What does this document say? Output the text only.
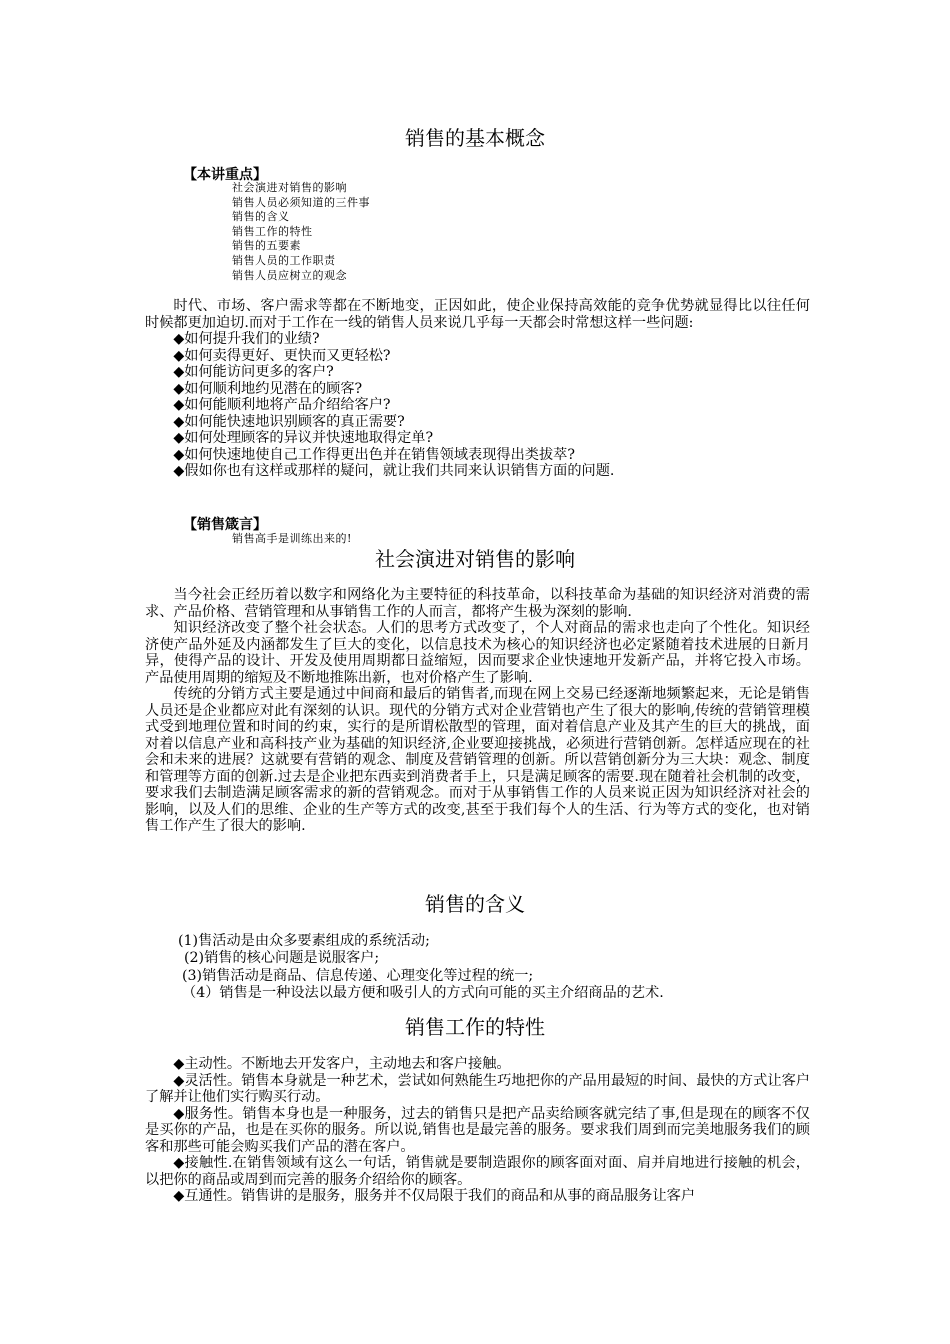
销售的基本概念
【本讲重点】
社会演进对销售的影响
销售人员必须知道的三件事
销售的含义
销售工作的特性
销售的五要素
销售人员的工作职责
销售人员应树立的观念

时代、市场、客户需求等都在不断地变，正因如此，使企业保持高效能的竞争优势就显得比以往任何时候都更加迫切.而对于工作在一线的销售人员来说几乎每一天都会时常想这样一些问题:

◆如何提升我们的业绩?
◆如何卖得更好、更快而又更轻松?
◆如何能访问更多的客户?
◆如何顺利地约见潜在的顾客?
◆如何能顺利地将产品介绍给客户?
◆如何能快速地识别顾客的真正需要?
◆如何处理顾客的异议并快速地取得定单?
◆如何快速地使自己工作得更出色并在销售领域表现得出类拔萃?
◆假如你也有这样或那样的疑问，就让我们共同来认识销售方面的问题.
【销售箴言】
销售高手是训练出来的!
社会演进对销售的影响

当今社会正经历着以数字和网络化为主要特征的科技革命，以科技革命为基础的知识经济对消费的需求、产品价格、营销管理和从事销售工作的人而言，都将产生极为深刻的影响.

知识经济改变了整个社会状态。人们的思考方式改变了，个人对商品的需求也走向了个性化。知识经济使产品外延及内涵都发生了巨大的变化，以信息技术为核心的知识经济也必定紧随着技术进展的日新月异，使得产品的设计、开发及使用周期都日益缩短，因而要求企业快速地开发新产品，并将它投入市场。产品使用周期的缩短及不断地推陈出新，也对价格产生了影响.

传统的分销方式主要是通过中间商和最后的销售者,而现在网上交易已经逐渐地频繁起来，无论是销售人员还是企业都应对此有深刻的认识。现代的分销方式对企业营销也产生了很大的影响,传统的营销管理模式受到地理位置和时间的约束，实行的是所谓松散型的管理，面对着信息产业及其产生的巨大的挑战，面对着以信息产业和高科技产业为基础的知识经济,企业要迎接挑战，必须进行营销创新。怎样适应现在的社会和未来的进展？这就要有营销的观念、制度及营销管理的创新。所以营销创新分为三大块：观念、制度和管理等方面的创新.过去是企业把东西卖到消费者手上，只是满足顾客的需要.现在随着社会机制的改变，要求我们去制造满足顾客需求的新的营销观念。而对于从事销售工作的人员来说正因为知识经济对社会的影响，以及人们的思维、企业的生产等方式的改变,甚至于我们每个人的生活、行为等方式的变化，也对销售工作产生了很大的影响.

销售的含义
(1)售活动是由众多要素组成的系统活动;
(2)销售的核心问题是说服客户;
(3)销售活动是商品、信息传递、心理变化等过程的统一;
（4）销售是一种设法以最方便和吸引人的方式向可能的买主介绍商品的艺术.
销售工作的特性

◆主动性。不断地去开发客户，主动地去和客户接触。

◆灵活性。销售本身就是一种艺术，尝试如何熟能生巧地把你的产品用最短的时间、最快的方式让客户了解并让他们实行购买行动。

◆服务性。销售本身也是一种服务，过去的销售只是把产品卖给顾客就完结了事,但是现在的顾客不仅是买你的产品，也是在买你的服务。所以说,销售也是最完善的服务。要求我们周到而完美地服务我们的顾客和那些可能会购买我们产品的潜在客户。

◆接触性.在销售领域有这么一句话，销售就是要制造跟你的顾客面对面、肩并肩地进行接触的机会，以把你的商品或周到而完善的服务介绍给你的顾客。

◆互通性。销售讲的是服务，服务并不仅局限于我们的商品和从事的商品服务让客户
